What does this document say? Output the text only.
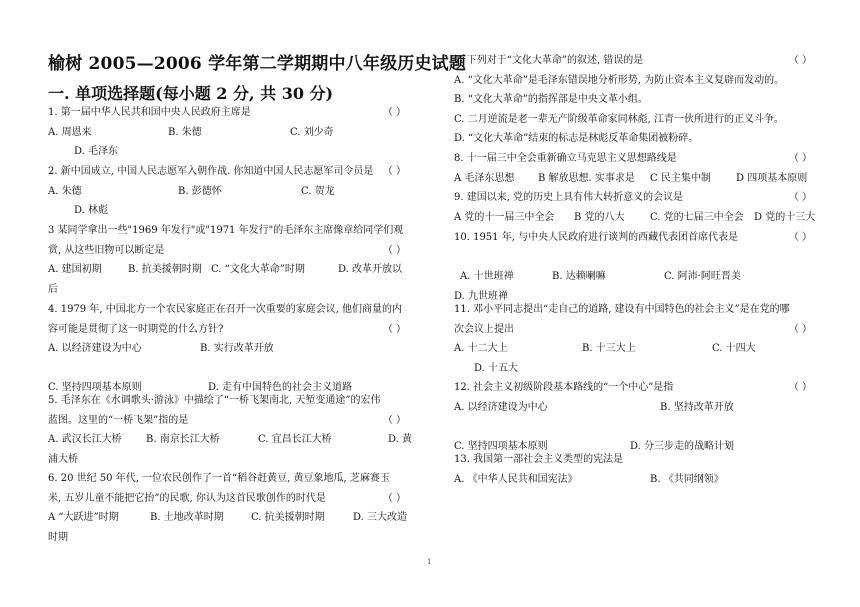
榆树 2005—2006 学年第二学期期中八年级历史试题
一. 单项选择题(每小题 2 分, 共 30 分)
1. 第一届中华人民共和国中央人民政府主席是	（ ）
A. 周恩来	B. 朱德	C. 刘少奇
D. 毛泽东
2. 新中国成立, 中国人民志愿军入朝作战. 你知道中国人民志愿军司令员是 （ ）
A. 朱德	B. 彭德怀	C. 贺龙
D. 林彪
3 某同学拿出一些"1969 年发行"或"1971 年发行"的毛泽东主席像章给同学们观
赏, 从这些旧物可以断定是	（ ）
A. 建国初期	B. 抗美援朝时期 C. “文化大革命”时期	D. 改革开放以
后
4. 1979 年, 中国北方一个农民家庭正在召开一次重要的家庭会议, 他们商量的内
容可能是贯彻了这一时期党的什么方针?	（ ）
A. 以经济建设为中心	B. 实行改革开放
C. 坚持四项基本原则	D. 走有中国特色的社会主义道路
5. 毛泽东在《水调歌头·游泳》中描绘了“一桥飞架南北, 天堑变通途”的宏伟
蓝图。这里的“一桥飞架”指的是	（ ）
A. 武汉长江大桥 B. 南京长江大桥	C. 宜昌长江大桥	D. 黄
浦大桥
6. 20 世纪 50 年代, 一位农民创作了一首“稻谷赶黄豆, 黄豆象地瓜, 芝麻赛玉
米, 五岁儿童不能把它抬”的民歌, 你认为这首民歌创作的时代是	（ ）
A “大跃进”时期	B. 土地改革时期	C. 抗美援朝时期	D. 三大改造
时期
7. 下列对于“文化大革命”的叙述, 错误的是	（ ）
A. “文化大革命”是毛泽东错误地分析形势, 为防止资本主义复辟而发动的。
B. “文化大革命”的指挥部是中央文革小组。
C. 二月逆流是老一辈无产阶级革命家同林彪, 江青一伙所进行的正义斗争。
D. “文化大革命”结束的标志是林彪反革命集团被粉碎。
8. 十一届三中全会重新确立马克思主义思想路线是	（ ）
A 毛泽东思想 B 解放思想. 实事求是 C 民主集中制	D 四项基本原则
9. 建国以来, 党的历史上具有伟大转折意义的会议是	（ ）
A 党的十一届三中全会 B 党的八大	C. 党的七届三中全会 D 党的十三大
10. 1951 年, 与中央人民政府进行谈判的西藏代表团首席代表是	（ ）
A. 十世班禅	B. 达赖喇嘛	C. 阿沛·阿旺晋美
D. 九世班禅
11. 邓小平同志提出“走自己的道路, 建设有中国特色的社会主义”是在党的哪
次会议上提出	（ ）
A. 十二大上	B. 十三大上	C. 十四大
D. 十五大
12. 社会主义初级阶段基本路线的“一个中心”是指	（ ）
A. 以经济建设为中心	B. 坚持改革开放
C. 坚持四项基本原则	D. 分三步走的战略计划
13. 我国第一部社会主义类型的宪法是
A. 《中华人民共和国宪法》	B. 《共同纲领》
1
